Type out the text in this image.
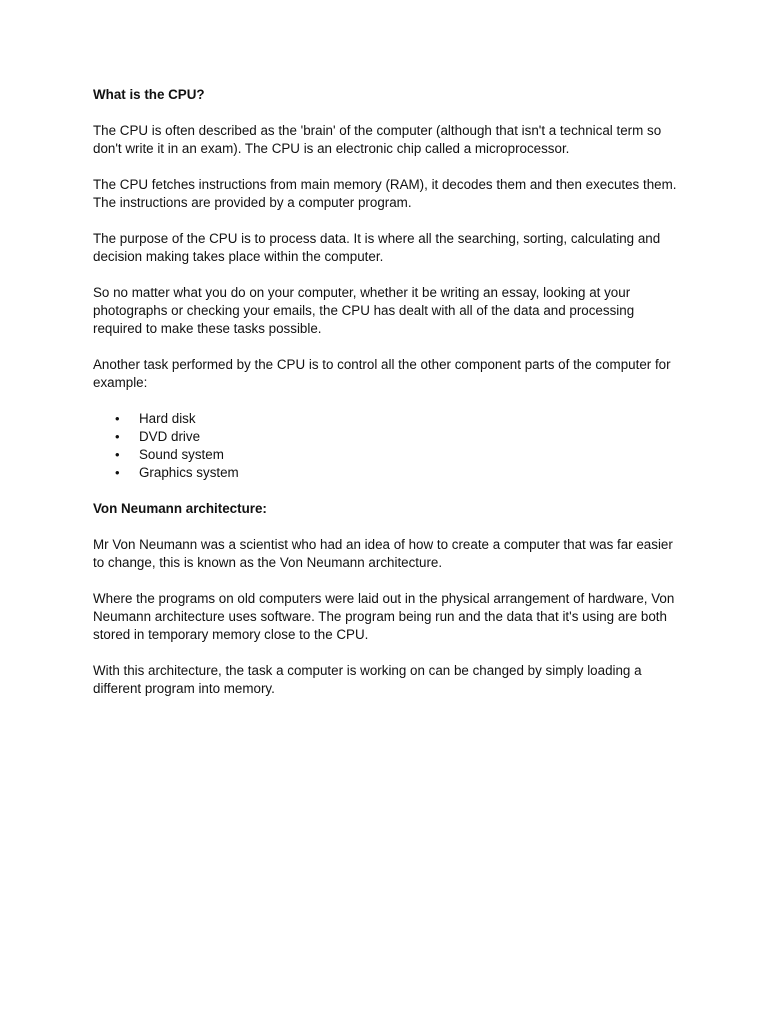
What is the CPU?

The CPU is often described as the 'brain' of the computer (although that isn't a technical term so don't write it in an exam). The CPU is an electronic chip called a microprocessor.

The CPU fetches instructions from main memory (RAM), it decodes them and then executes them. The instructions are provided by a computer program.

The purpose of the CPU is to process data. It is where all the searching, sorting, calculating and decision making takes place within the computer.

So no matter what you do on your computer, whether it be writing an essay, looking at your photographs or checking your emails, the CPU has dealt with all of the data and processing required to make these tasks possible.

Another task performed by the CPU is to control all the other component parts of the computer for example:

• Hard disk
• DVD drive
• Sound system
• Graphics system
Von Neumann architecture:

Mr Von Neumann was a scientist who had an idea of how to create a computer that was far easier to change, this is known as the Von Neumann architecture.

Where the programs on old computers were laid out in the physical arrangement of hardware, Von Neumann architecture uses software. The program being run and the data that it's using are both stored in temporary memory close to the CPU.

With this architecture, the task a computer is working on can be changed by simply loading a different program into memory.
